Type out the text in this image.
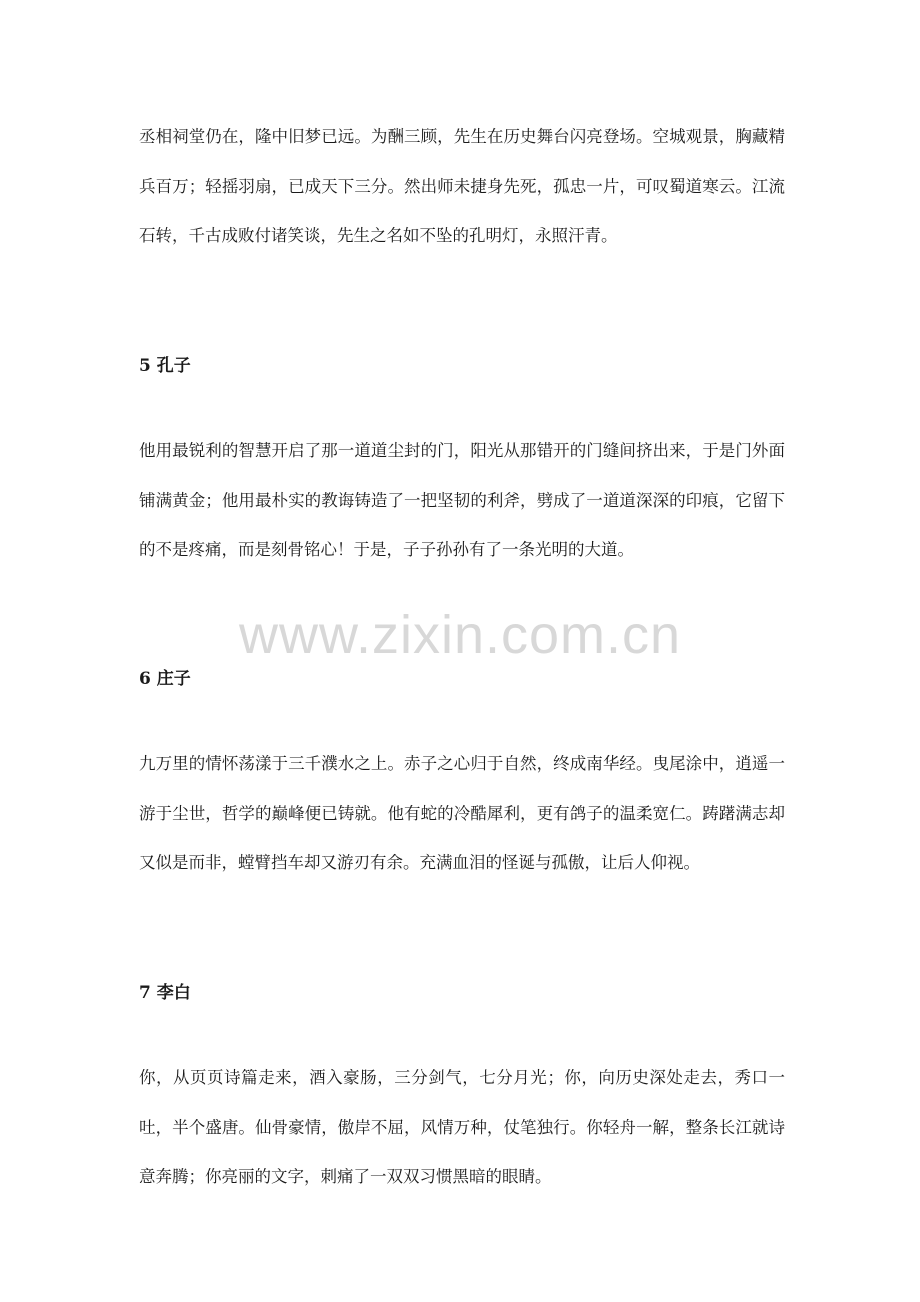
丞相祠堂仍在，隆中旧梦已远。为酬三顾，先生在历史舞台闪亮登场。空城观景，胸藏精兵百万；轻摇羽扇，已成天下三分。然出师未捷身先死，孤忠一片，可叹蜀道寒云。江流石转，千古成败付诸笑谈，先生之名如不坠的孔明灯，永照汗青。

5 孔子

他用最锐利的智慧开启了那一道道尘封的门，阳光从那错开的门缝间挤出来，于是门外面铺满黄金；他用最朴实的教诲铸造了一把坚韧的利斧，劈成了一道道深深的印痕，它留下的不是疼痛，而是刻骨铭心！于是，子子孙孙有了一条光明的大道。

www.zixin.com.cn
6 庄子

九万里的情怀荡漾于三千濮水之上。赤子之心归于自然，终成南华经。曳尾涂中，逍遥一游于尘世，哲学的巅峰便已铸就。他有蛇的冷酷犀利，更有鸽子的温柔宽仁。踌躇满志却又似是而非，螳臂挡车却又游刃有余。充满血泪的怪诞与孤傲，让后人仰视。

7 李白

你，从页页诗篇走来，酒入豪肠，三分剑气，七分月光；你，向历史深处走去，秀口一吐，半个盛唐。仙骨豪情，傲岸不屈，风情万种，仗笔独行。你轻舟一解，整条长江就诗意奔腾；你亮丽的文字，刺痛了一双双习惯黑暗的眼睛。
